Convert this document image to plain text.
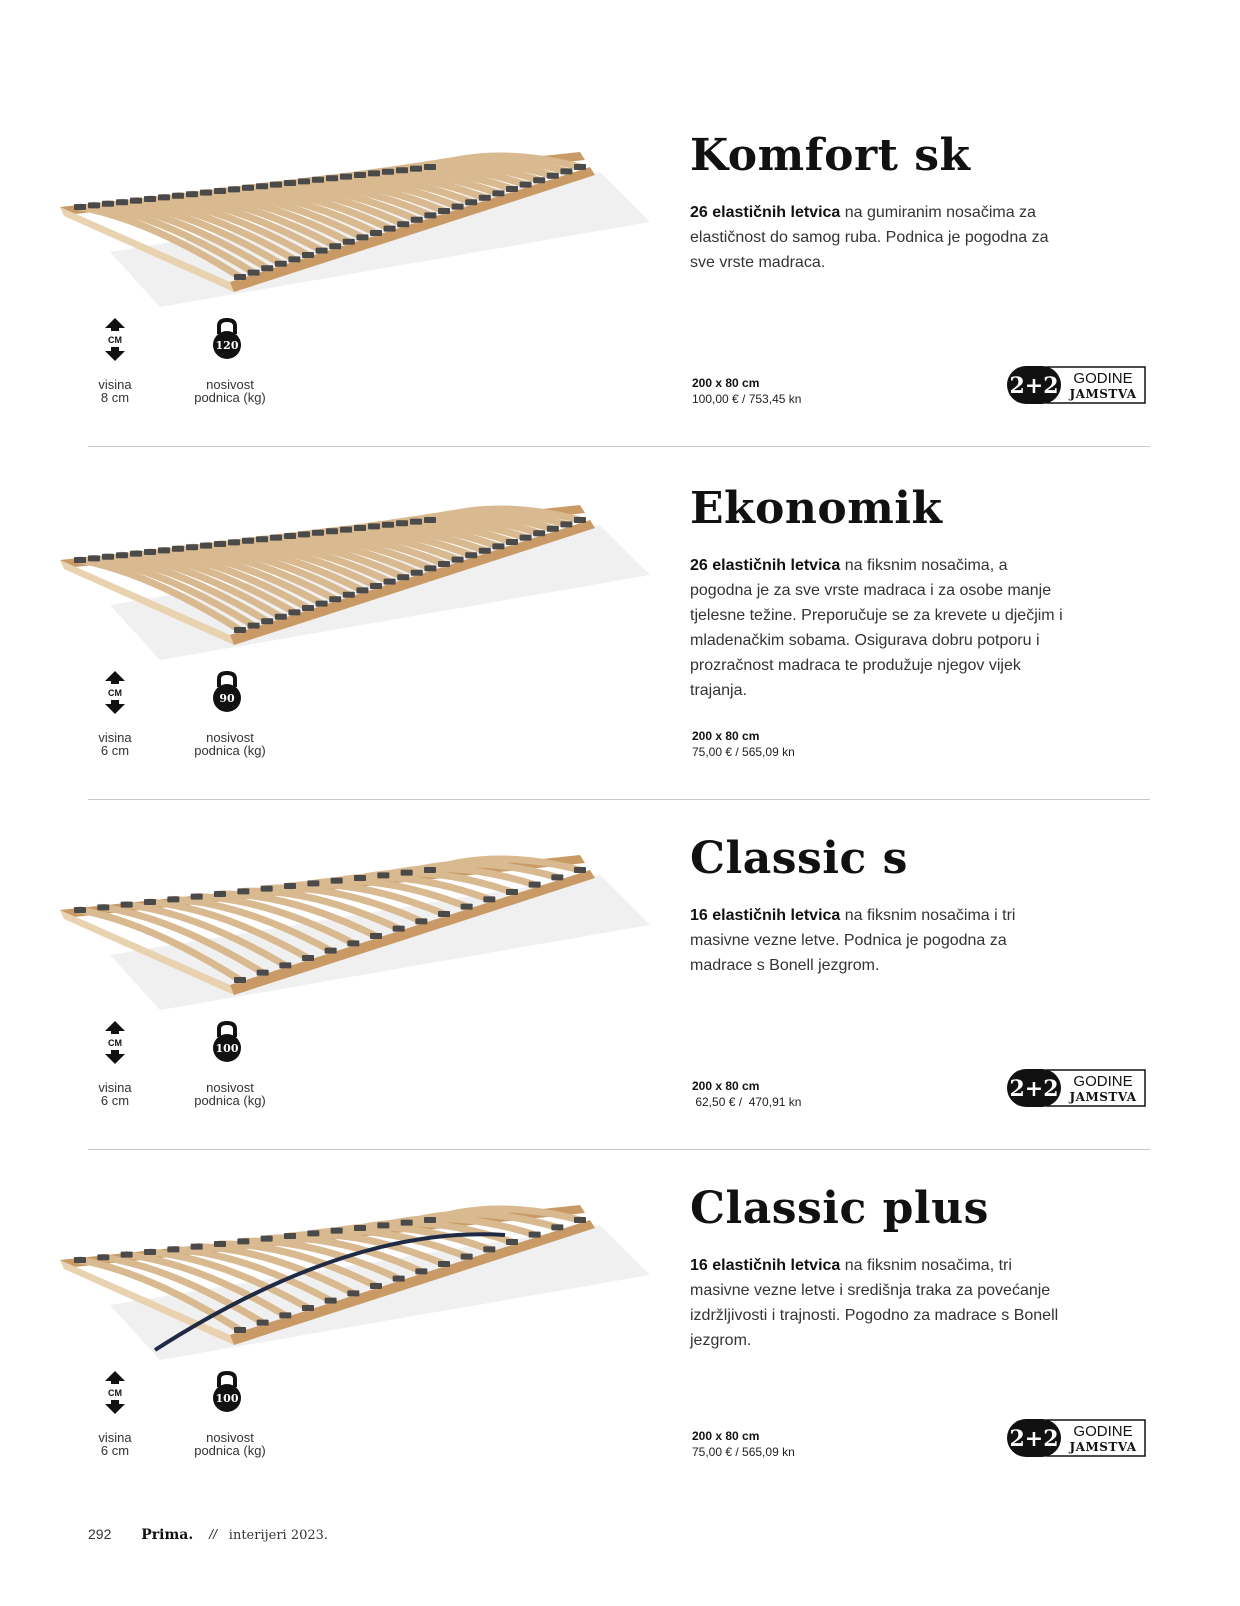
Komfort sk
26 elastičnih letvica na gumiranim nosačima za elastičnost do samog ruba. Podnica je pogodna za sve vrste madraca.
CM	120
visina
8 cm
nosivost
podnica (kg)
200 x 80 cm
100,00 € / 753,45 kn	2+2 GODINE
JAMSTVA
Ekonomik
26 elastičnih letvica na fiksnim nosačima, a pogodna je za sve vrste madraca i za osobe manje tjelesne težine. Preporučuje se za krevete u dječjim i mladenačkim sobama. Osigurava dobru potporu i prozračnost madraca te produžuje njegov vijek trajanja.
CM	90
visina
6 cm
nosivost
podnica (kg)
200 x 80 cm
75,00 € / 565,09 kn
Classic s
16 elastičnih letvica na fiksnim nosačima i tri masivne vezne letve. Podnica je pogodna za madrace s Bonell jezgrom.
CM	100
visina
6 cm
nosivost
podnica (kg)
200 x 80 cm
62,50 € /  470,91 kn	2+2 GODINE
JAMSTVA
Classic plus
16 elastičnih letvica na fiksnim nosačima, tri masivne vezne letve i središnja traka za povećanje izdržljivosti i trajnosti. Pogodno za madrace s Bonell jezgrom.
CM	100
visina
6 cm
nosivost
podnica (kg)
200 x 80 cm
75,00 € / 565,09 kn	2+2 GODINE
JAMSTVA
292 Prima. // interijeri 2023.
